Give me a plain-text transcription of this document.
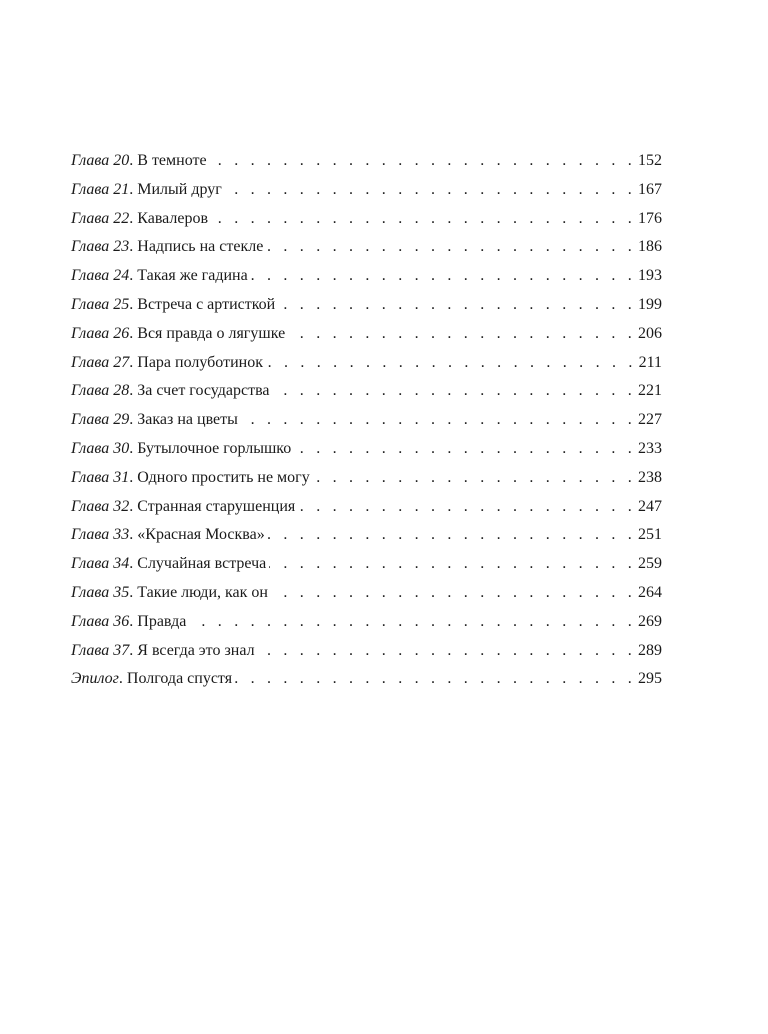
Глава 20 . В темноте . . .	152
Глава 21 . Милый друг . . .	167
Глава 22 . Кавалеров . . .	176
Глава 23 . Надпись на стекле . . .	186
Глава 24 . Такая же гадина . . .	193
Глава 25 . Встреча с артисткой . . .	199
Глава 26 . Вся правда о лягушке . . .	206
Глава 27 . Пара полуботинок . . .	211
Глава 28 . За счет государства . . .	221
Глава 29 . Заказ на цветы . . .	227
Глава 30 . Бутылочное горлышко . . .	233
Глава 31 . Одного простить не могу . . .	238
Глава 32 . Странная старушенция . . .	247
Глава 33 . «Красная Москва» . . .	251
Глава 34 . Случайная встреча . . .	259
Глава 35 . Такие люди, как он . . .	264
Глава 36 . Правда . . .	269
Глава 37 . Я всегда это знал . . .	289
Эпилог . Полгода спустя . . .	295
